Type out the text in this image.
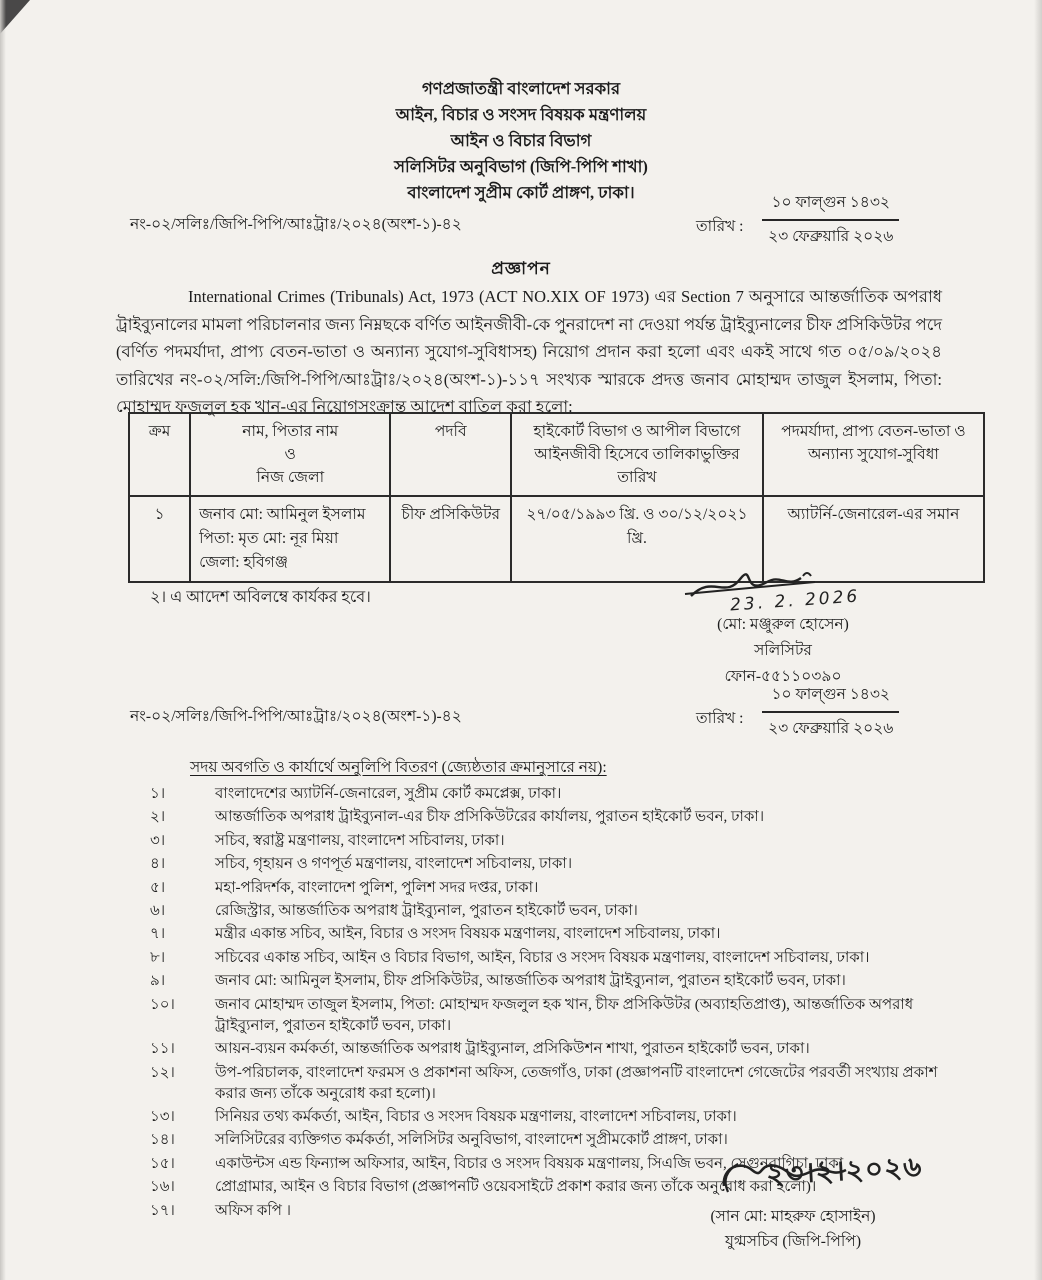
গণপ্রজাতন্ত্রী বাংলাদেশ সরকার
আইন, বিচার ও সংসদ বিষয়ক মন্ত্রণালয়
আইন ও বিচার বিভাগ
সলিসিটর অনুবিভাগ (জিপি-পিপি শাখা)
বাংলাদেশ সুপ্রীম কোর্ট প্রাঙ্গণ, ঢাকা।
নং-০২/সলিঃ/জিপি-পিপি/আঃট্রাঃ/২০২৪(অংশ-১)-৪২	তারিখ : $\frac{\text{১০ ফাল্গুন ১৪৩২}}{\text{২৩ ফেব্রুয়ারি ২০২৬}}$
প্রজ্ঞাপন
International Crimes (Tribunals) Act, 1973 (ACT NO.XIX OF 1973) এর Section 7 অনুসারে আন্তর্জাতিক অপরাধ ট্রাইব্যুনালের মামলা পরিচালনার জন্য নিম্নছকে বর্ণিত আইনজীবী-কে পুনরাদেশ না দেওয়া পর্যন্ত ট্রাইব্যুনালের চীফ প্রসিকিউটর পদে (বর্ণিত পদমর্যাদা, প্রাপ্য বেতন-ভাতা ও অন্যান্য সুযোগ-সুবিধাসহ) নিয়োগ প্রদান করা হলো এবং একই সাথে গত ০৫/০৯/২০২৪ তারিখের নং-০২/সলি:/জিপি-পিপি/আঃট্রাঃ/২০২৪(অংশ-১)-১১৭ সংখ্যক স্মারকে প্রদত্ত জনাব মোহাম্মদ তাজুল ইসলাম, পিতা: মোহাম্মদ ফজলুল হক খান-এর নিয়োগসংক্রান্ত আদেশ বাতিল করা হলো:
ক্রম	নাম, পিতার নাম
ও
নিজ জেলা	পদবি	হাইকোর্ট বিভাগ ও আপীল বিভাগে আইনজীবী হিসেবে তালিকাভুক্তির তারিখ	পদমর্যাদা, প্রাপ্য বেতন-ভাতা ও অন্যান্য সুযোগ-সুবিধা
১	জনাব মো: আমিনুল ইসলাম
পিতা: মৃত মো: নূর মিয়া
জেলা: হবিগঞ্জ	চীফ প্রসিকিউটর	২৭/০৫/১৯৯৩ খ্রি. ও ৩০/১২/২০২১ খ্রি.	অ্যাটর্নি-জেনারেল-এর সমান
২। এ আদেশ অবিলম্বে কার্যকর হবে।	23. 2. 2026
(মো: মঞ্জুরুল হোসেন)
সলিসিটর
ফোন-৫৫১১০৩৯০
নং-০২/সলিঃ/জিপি-পিপি/আঃট্রাঃ/২০২৪(অংশ-১)-৪২	তারিখ : $\frac{\text{১০ ফাল্গুন ১৪৩২}}{\text{২৩ ফেব্রুয়ারি ২০২৬}}$
সদয় অবগতি ও কার্যার্থে অনুলিপি বিতরণ (জ্যেষ্ঠতার ক্রমানুসারে নয়):
১।	বাংলাদেশের অ্যাটর্নি-জেনারেল, সুপ্রীম কোর্ট কমপ্লেক্স, ঢাকা।
২।	আন্তর্জাতিক অপরাধ ট্রাইব্যুনাল-এর চীফ প্রসিকিউটরের কার্যালয়, পুরাতন হাইকোর্ট ভবন, ঢাকা।
৩।	সচিব, স্বরাষ্ট্র মন্ত্রণালয়, বাংলাদেশ সচিবালয়, ঢাকা।
৪।	সচিব, গৃহায়ন ও গণপূর্ত মন্ত্রণালয়, বাংলাদেশ সচিবালয়, ঢাকা।
৫।	মহা-পরিদর্শক, বাংলাদেশ পুলিশ, পুলিশ সদর দপ্তর, ঢাকা।
৬।	রেজিস্ট্রার, আন্তর্জাতিক অপরাধ ট্রাইব্যুনাল, পুরাতন হাইকোর্ট ভবন, ঢাকা।
৭।	মন্ত্রীর একান্ত সচিব, আইন, বিচার ও সংসদ বিষয়ক মন্ত্রণালয়, বাংলাদেশ সচিবালয়, ঢাকা।
৮।	সচিবের একান্ত সচিব, আইন ও বিচার বিভাগ, আইন, বিচার ও সংসদ বিষয়ক মন্ত্রণালয়, বাংলাদেশ সচিবালয়, ঢাকা।
৯।	জনাব মো: আমিনুল ইসলাম, চীফ প্রসিকিউটর, আন্তর্জাতিক অপরাধ ট্রাইব্যুনাল, পুরাতন হাইকোর্ট ভবন, ঢাকা।
১০।	জনাব মোহাম্মদ তাজুল ইসলাম, পিতা: মোহাম্মদ ফজলুল হক খান, চীফ প্রসিকিউটর (অব্যাহতিপ্রাপ্ত), আন্তর্জাতিক অপরাধ ট্রাইব্যুনাল, পুরাতন হাইকোর্ট ভবন, ঢাকা।
১১।	আয়ন-ব্যয়ন কর্মকর্তা, আন্তর্জাতিক অপরাধ ট্রাইব্যুনাল, প্রসিকিউশন শাখা, পুরাতন হাইকোর্ট ভবন, ঢাকা।
১২।	উপ-পরিচালক, বাংলাদেশ ফরমস ও প্রকাশনা অফিস, তেজগাঁও, ঢাকা (প্রজ্ঞাপনটি বাংলাদেশ গেজেটের পরবর্তী সংখ্যায় প্রকাশ করার জন্য তাঁকে অনুরোধ করা হলো)।
১৩।	সিনিয়র তথ্য কর্মকর্তা, আইন, বিচার ও সংসদ বিষয়ক মন্ত্রণালয়, বাংলাদেশ সচিবালয়, ঢাকা।
১৪।	সলিসিটরের ব্যক্তিগত কর্মকর্তা, সলিসিটর অনুবিভাগ, বাংলাদেশ সুপ্রীমকোর্ট প্রাঙ্গণ, ঢাকা।
১৫।	একাউন্টস এন্ড ফিন্যান্স অফিসার, আইন, বিচার ও সংসদ বিষয়ক মন্ত্রণালয়, সিএজি ভবন, সেগুনবাগিচা, ঢাকা
১৬।	প্রোগ্রামার, আইন ও বিচার বিভাগ (প্রজ্ঞাপনটি ওয়েবসাইটে প্রকাশ করার জন্য তাঁকে অনুরোধ করা হলো)।
১৭।	অফিস কপি ।
২৩।২।২০২৬
(সান মো: মাহরুফ হোসাইন)
যুগ্মসচিব (জিপি-পিপি)
